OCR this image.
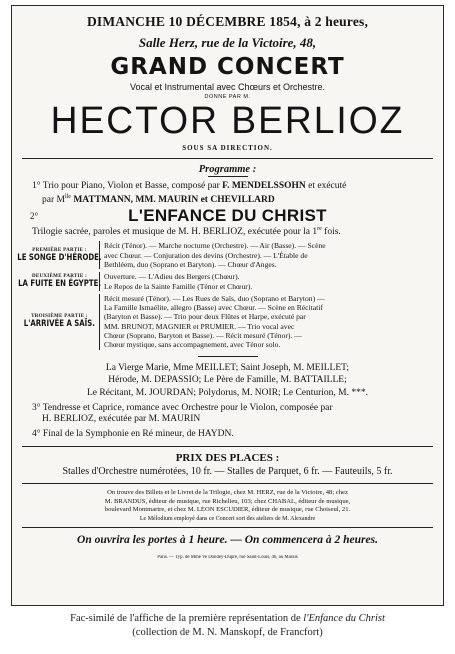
DIMANCHE 10 DÉCEMBRE 1854, à 2 heures,
Salle Herz, rue de la Victoire, 48,
GRAND CONCERT
Vocal et Instrumental avec Chœurs et Orchestre.
DONNÉ PAR M.
HECTOR BERLIOZ
SOUS SA DIRECTION.
Programme :
1° Trio pour Piano, Violon et Basse, composé par F. MENDELSSOHN et exécuté
par $M^{lle}$ MATTMANN, MM. MAURIN et CHEVILLARD
2°	L'ENFANCE DU CHRIST
Trilogie sacrée, paroles et musique de M. H. BERLIOZ, exécutée pour la 1re fois.
PREMIÈRE PARTIE :
LE SONGE D'HÉRODE.
Récit (Ténor). — Marche nocturne (Orchestre). — Air (Basse). — Scène
avec Chœur. — Conjuration des devins (Orchestre). — L'Étable de
Bethléem, duo (Soprano et Baryton). — Chœur d'Anges.
DEUXIÈME PARTIE :
LA FUITE EN ÉGYPTE.
Ouverture. — L'Adieu des Bergers (Chœur).
Le Repos de la Sainte Famille (Ténor et Chœur).
TROISIÈME PARTIE :
L'ARRIVÉE A SAÏS.
Récit mesuré (Ténor). — Les Rues de Saïs, duo (Soprano et Baryton) —
La Famille Ismaélite, allegro (Basse) avec Chœur. — Scène en Récitatif
(Baryton et Basse). — Trio pour deux Flûtes et Harpe, exécuté par
MM. BRUNOT, MAGNIER et PRUMIER. — Trio vocal avec
Chœur (Soprano, Baryton et Basse). — Récit mesuré (Ténor). —
Chœur mystique, sans accompagnement, avec Ténor solo.
La Vierge Marie, Mme MEILLET; Saint Joseph, M. MEILLET;
Hérode, M. DEPASSIO; Le Père de Famille, M. BATTAILLE;
Le Récitant, M. JOURDAN; Polydorus, M. NOIR; Le Centurion, M. ***.
3° Tendresse et Caprice, romance avec Orchestre pour le Violon, composée par
H. BERLIOZ, exécutée par M. MAURIN
4° Final de la Symphonie en Ré mineur, de HAYDN.
PRIX DES PLACES :
Stalles d'Orchestre numérotées, 10 fr. — Stalles de Parquet, 6 fr. — Fauteuils, 5 fr.
On trouve des Billets et le Livret de la Trilogie, chez M. HERZ, rue de la Victoire, 48; chez
M. BRANDUS, éditeur de musique, rue Richelieu, 103; chez CHABAL, éditeur de musique,
boulevard Montmartre, et chez M. LÉON ESCUDIER, éditeur de musique, rue Choiseul, 21.
Le Mélodium employé dans ce Concert sort des ateliers de M. Alexandre
On ouvrira les portes à 1 heure. — On commencera à 2 heures.
Paris. — Typ. de Mme Ve Dondey-Dupré, rue Saint-Louis, 46, au Marais
Fac-similé de l'affiche de la première représentation de l'Enfance du Christ
(collection de M. N. Manskopf, de Francfort)
